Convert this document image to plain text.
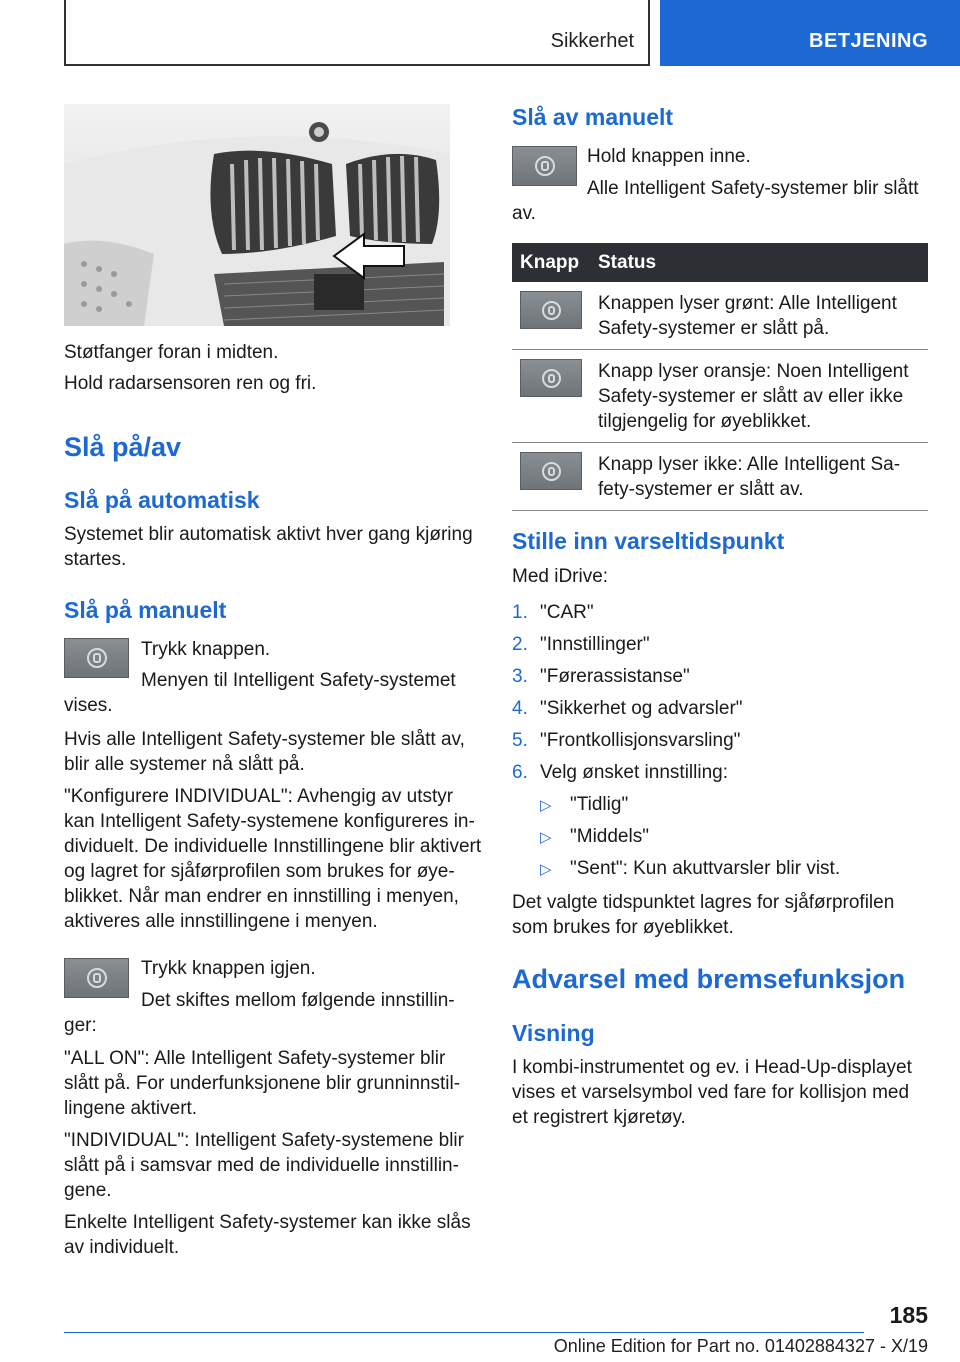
Sikkerhet	BETJENING

Støtfanger foran i midten.

Hold radarsensoren ren og fri.

Slå på/av
Slå på automatisk

Systemet blir automatisk aktivt hver gang kjøring startes.

Slå på manuelt

Trykk knappen.

Menyen til Intelligent Safety-systemet vises.

Hvis alle Intelligent Safety-systemer ble slått av, blir alle systemer nå slått på.

"Konfigurere INDIVIDUAL": Avhengig av utstyr kan Intelligent Safety-systemene konfigureres individuelt. De individuelle Innstillingene blir aktivert og lagret for sjåførprofilen som brukes for øyeblikket. Når man endrer en innstilling i menyen, aktiveres alle innstillingene i menyen.

Trykk knappen igjen.

Det skiftes mellom følgende innstillinger:

"ALL ON": Alle Intelligent Safety-systemer blir slått på. For underfunksjonene blir grunninnstillingene aktivert.

"INDIVIDUAL": Intelligent Safety-systemene blir slått på i samsvar med de individuelle innstillingene.

Enkelte Intelligent Safety-systemer kan ikke slås av individuelt.

Slå av manuelt

Hold knappen inne.

Alle Intelligent Safety-systemer blir slått av.

Knapp	Status

	Knappen lyser grønt: Alle Intelligent Safety-systemer er slått på.

	Knapp lyser oransje: Noen Intelligent Safety-systemer er slått av eller ikke tilgjengelig for øyeblikket.

	Knapp lyser ikke: Alle Intelligent Safety-systemer er slått av.
Stille inn varseltidspunkt

Med iDrive:

1. "CAR"

2. "Innstillinger"

3. "Førerassistanse"

4. "Sikkerhet og advarsler"

5. "Frontkollisjonsvarsling"

6. Velg ønsket innstilling:

▷ "Tidlig"

▷ "Middels"

▷ "Sent": Kun akuttvarsler blir vist.

Det valgte tidspunktet lagres for sjåførprofilen som brukes for øyeblikket.

Advarsel med bremsefunksjon
Visning

I kombi-instrumentet og ev. i Head-Up-displayet vises et varselsymbol ved fare for kollisjon med et registrert kjøretøy.

185
Online Edition for Part no. 01402884327 - X/19
